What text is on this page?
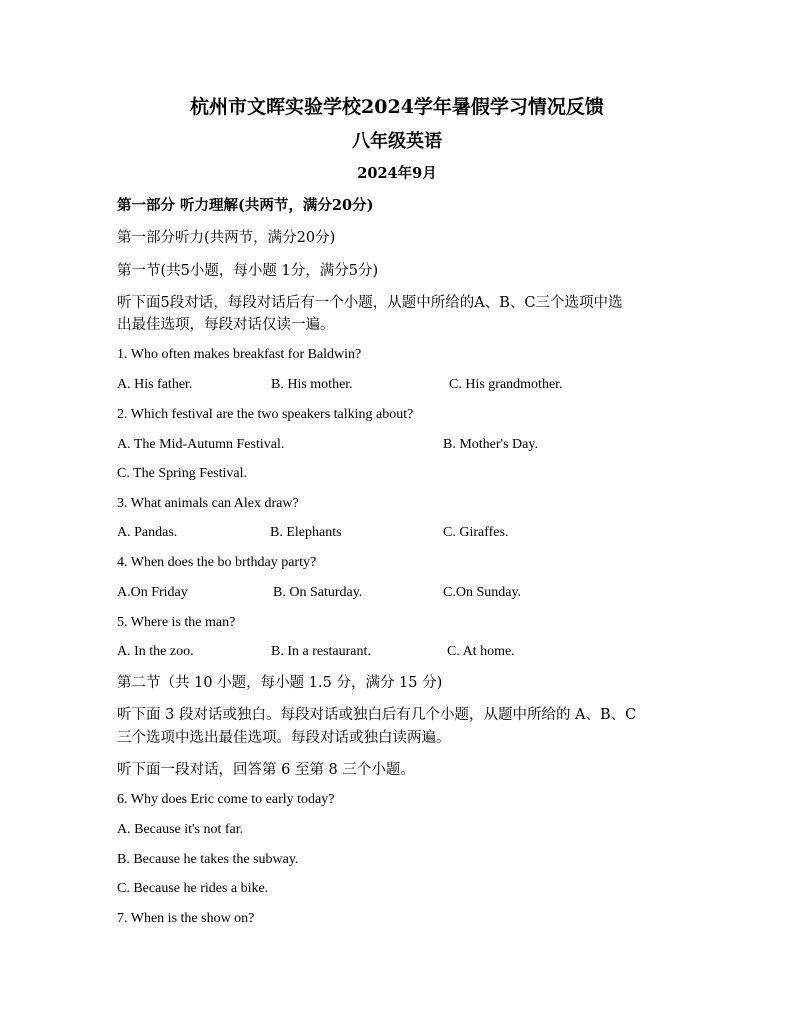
杭州市文晖实验学校2024学年暑假学习情况反馈
八年级英语
2024年9月
第一部分 听力理解(共两节，满分20分)
第一部分听力(共两节，满分20分)
第一节(共5小题，每小题 1分，满分5分)
听下面5段对话，每段对话后有一个小题，从题中所给的A、B、C三个选项中选
出最佳选项，每段对话仅读一遍。
1. Who often makes breakfast for Baldwin?
A. His father.	B. His mother.	C. His grandmother.
2. Which festival are the two speakers talking about?
A. The Mid-Autumn Festival.	B. Mother's Day.
C. The Spring Festival.
3. What animals can Alex draw?
A. Pandas.	B. Elephants	C. Giraffes.
4. When does the bo brthday party?
A.On Friday	B. On Saturday.	C.On Sunday.
5. Where is the man?
A. In the zoo.	B. In a restaurant.	C. At home.
第二节（共 10 小题，每小题 1.5 分，满分 15 分)
听下面 3 段对话或独白。每段对话或独白后有几个小题，从题中所给的 A、B、C
三个选项中选出最佳选项。每段对话或独白读两遍。
听下面一段对话，回答第 6 至第 8 三个小题。
6. Why does Eric come to early today?
A. Because it's not far.
B. Because he takes the subway.
C. Because he rides a bike.
7. When is the show on?
